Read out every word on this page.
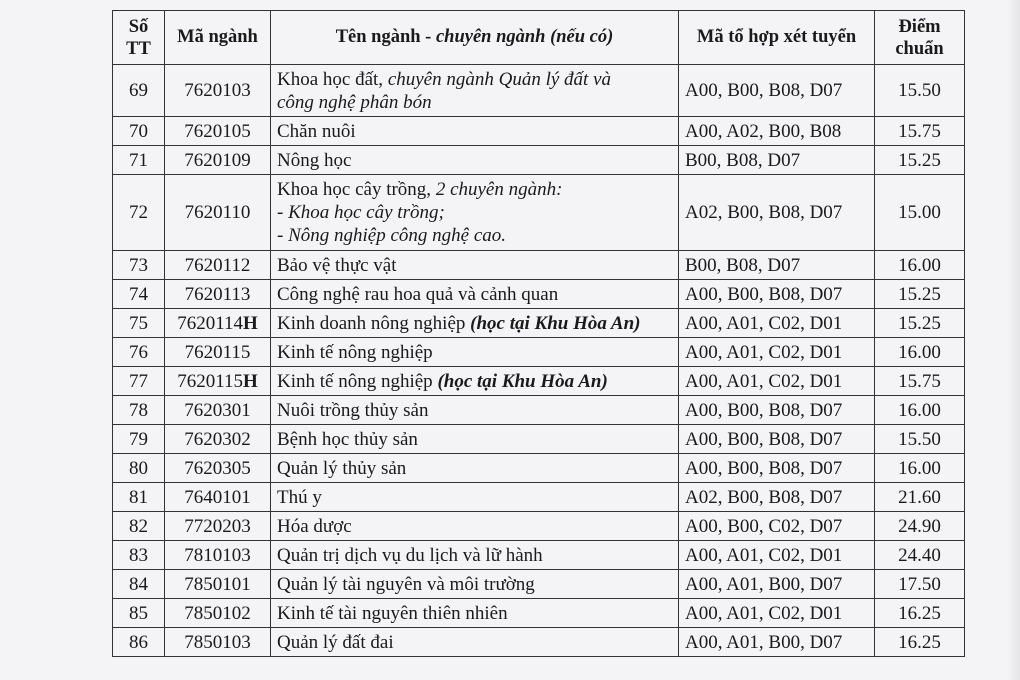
Số
TT	Mã ngành	Tên ngành - chuyên ngành (nếu có)	Mã tổ hợp xét tuyển	Điểm
chuẩn

69	7620103	Khoa học đất, chuyên ngành Quản lý đất và
công nghệ phân bón	A00, B00, B08, D07	15.50
70	7620105	Chăn nuôi	A00, A02, B00, B08	15.75
71	7620109	Nông học	B00, B08, D07	15.25
72	7620110	Khoa học cây trồng, 2 chuyên ngành:
- Khoa học cây trồng;
- Nông nghiệp công nghệ cao.	A02, B00, B08, D07	15.00
73	7620112	Bảo vệ thực vật	B00, B08, D07	16.00
74	7620113	Công nghệ rau hoa quả và cảnh quan	A00, B00, B08, D07	15.25
75	7620114H	Kinh doanh nông nghiệp (học tại Khu Hòa An)	A00, A01, C02, D01	15.25
76	7620115	Kinh tế nông nghiệp	A00, A01, C02, D01	16.00
77	7620115H	Kinh tế nông nghiệp (học tại Khu Hòa An)	A00, A01, C02, D01	15.75
78	7620301	Nuôi trồng thủy sản	A00, B00, B08, D07	16.00
79	7620302	Bệnh học thủy sản	A00, B00, B08, D07	15.50
80	7620305	Quản lý thủy sản	A00, B00, B08, D07	16.00
81	7640101	Thú y	A02, B00, B08, D07	21.60
82	7720203	Hóa dược	A00, B00, C02, D07	24.90
83	7810103	Quản trị dịch vụ du lịch và lữ hành	A00, A01, C02, D01	24.40
84	7850101	Quản lý tài nguyên và môi trường	A00, A01, B00, D07	17.50
85	7850102	Kinh tế tài nguyên thiên nhiên	A00, A01, C02, D01	16.25
86	7850103	Quản lý đất đai	A00, A01, B00, D07	16.25
